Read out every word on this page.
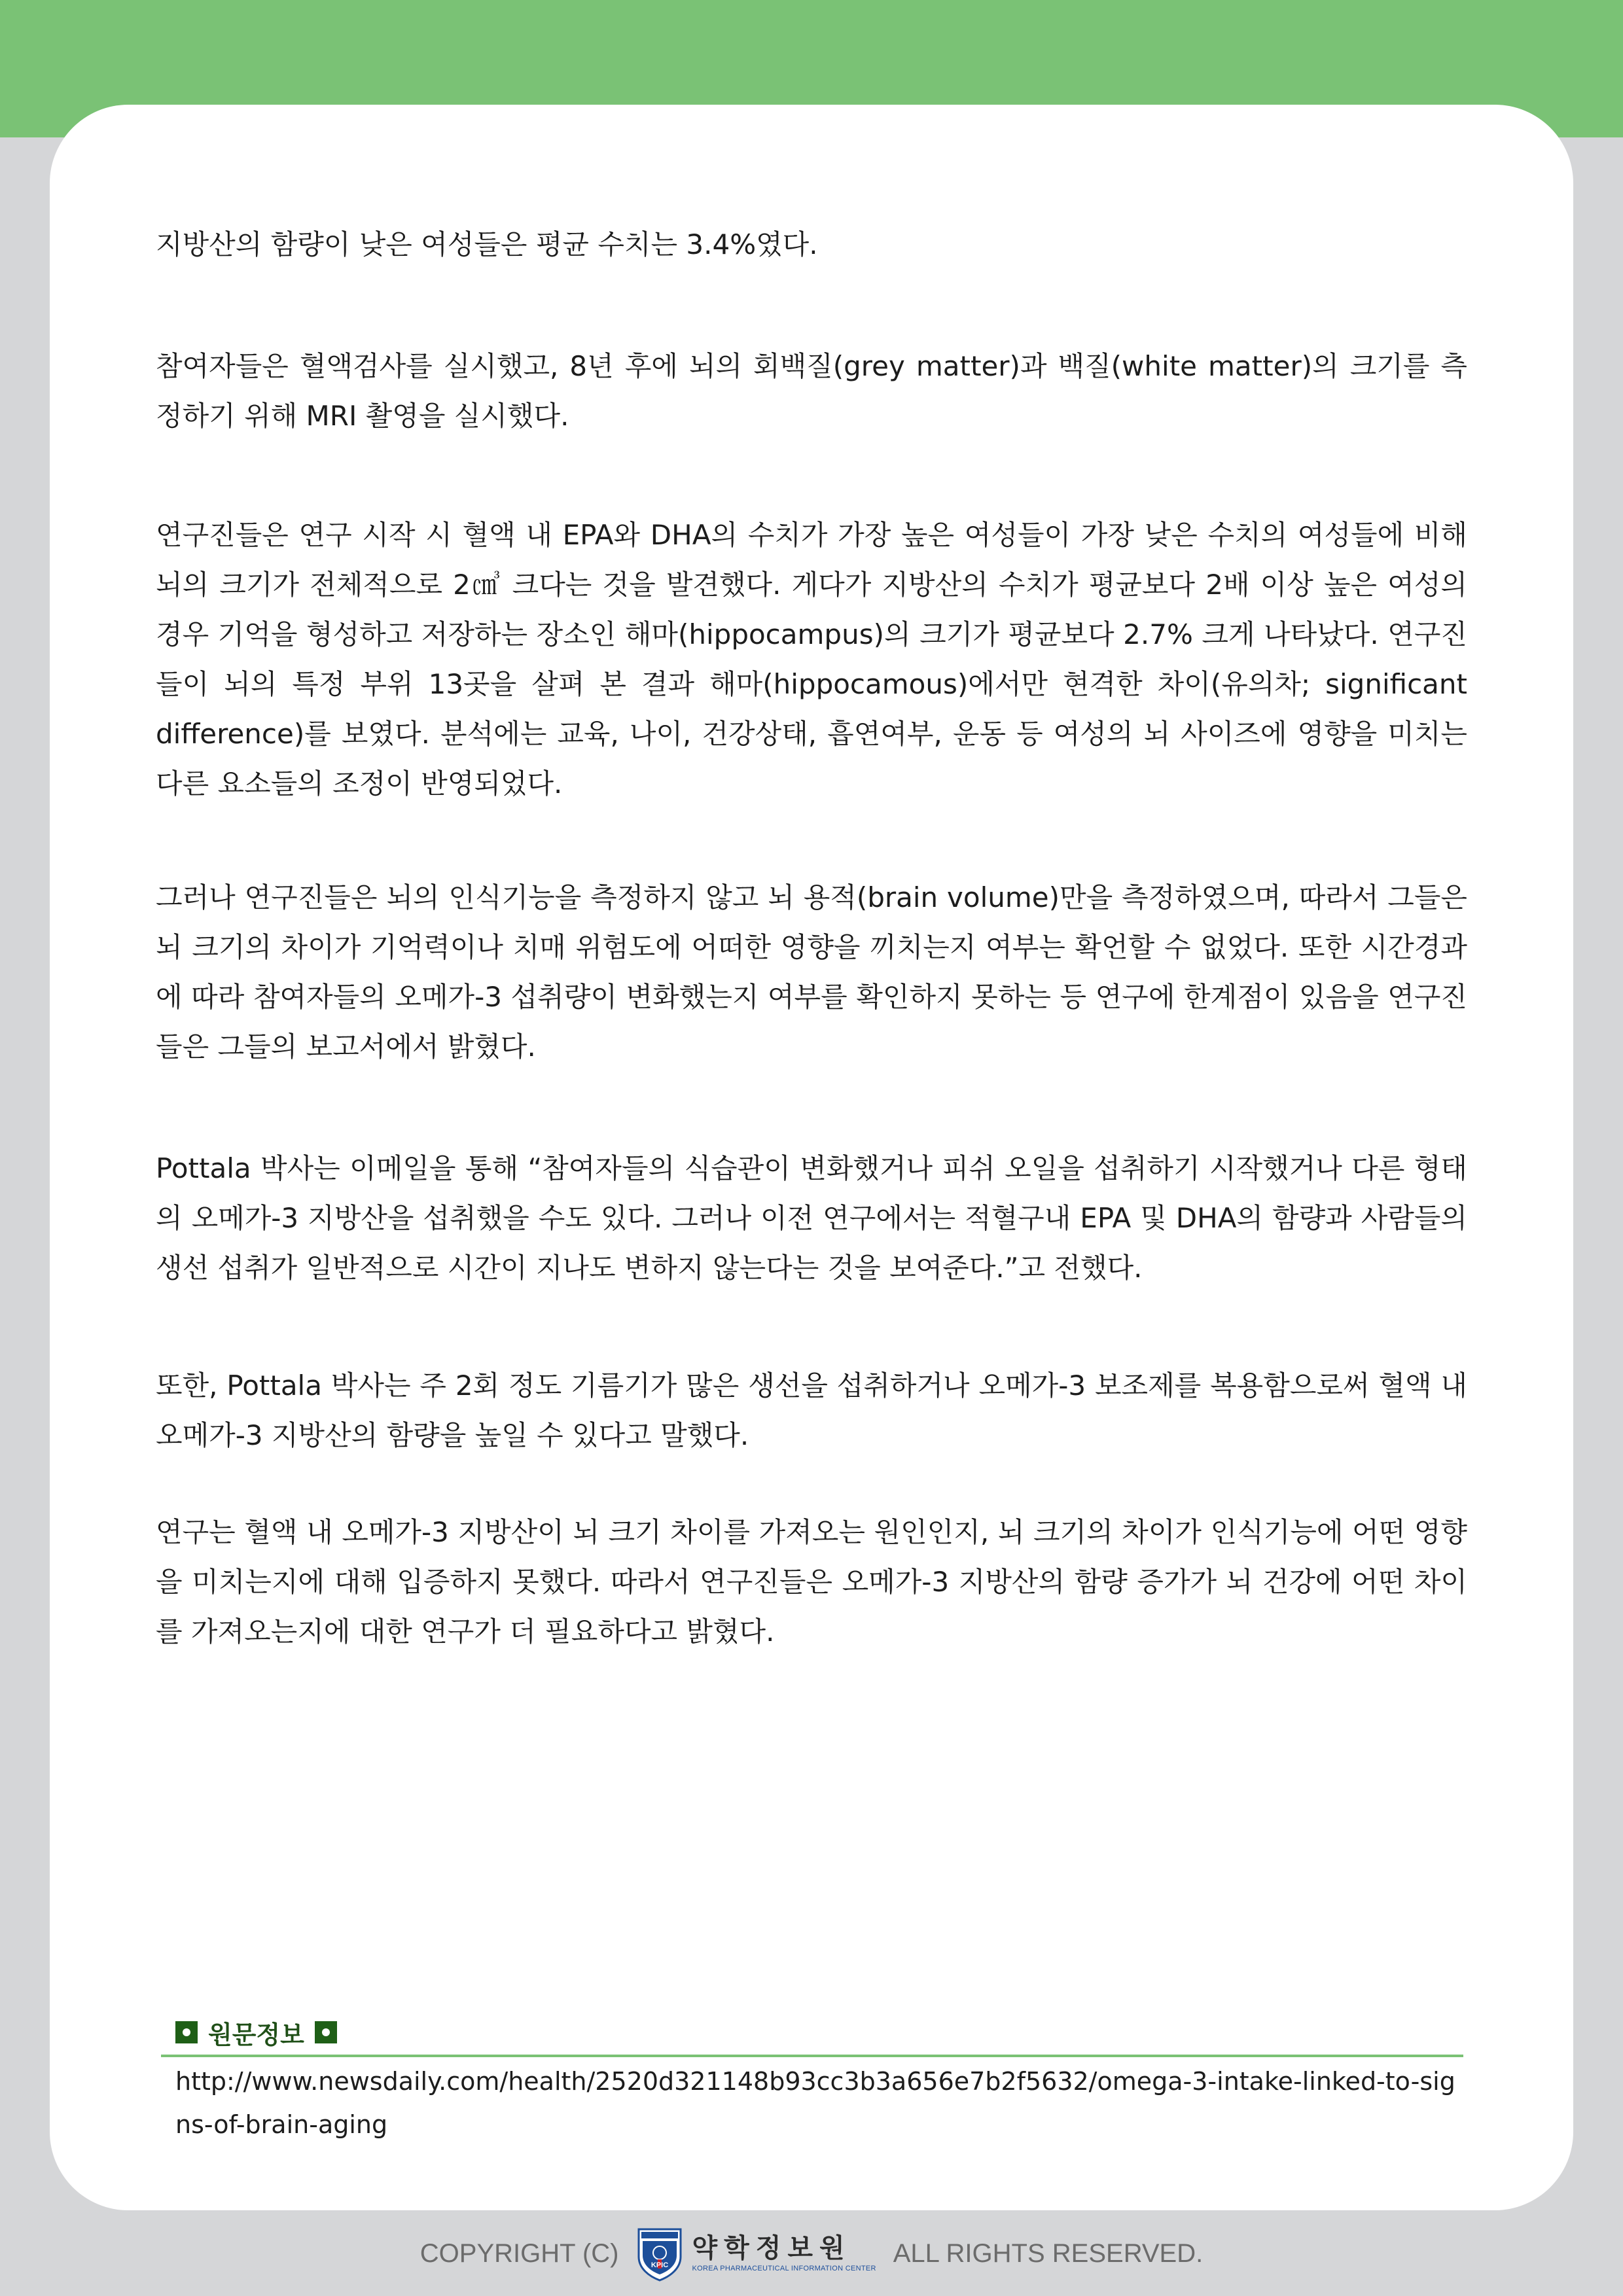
지방산의 함량이 낮은 여성들은 평균 수치는 3.4%였다.

참여자들은 혈액검사를 실시했고, 8년 후에 뇌의 회백질(grey matter)과 백질(white matter)의 크기를 측정하기 위해 MRI 촬영을 실시했다.

연구진들은 연구 시작 시 혈액 내 EPA와 DHA의 수치가 가장 높은 여성들이 가장 낮은 수치의 여성들에 비해 뇌의 크기가 전체적으로 2㎤ 크다는 것을 발견했다. 게다가 지방산의 수치가 평균보다 2배 이상 높은 여성의 경우 기억을 형성하고 저장하는 장소인 해마(hippocampus)의 크기가 평균보다 2.7% 크게 나타났다. 연구진들이 뇌의 특정 부위 13곳을 살펴 본 결과 해마(hippocamous)에서만 현격한 차이(유의차; significant difference)를 보였다. 분석에는 교육, 나이, 건강상태, 흡연여부, 운동 등 여성의 뇌 사이즈에 영향을 미치는 다른 요소들의 조정이 반영되었다.

그러나 연구진들은 뇌의 인식기능을 측정하지 않고 뇌 용적(brain volume)만을 측정하였으며, 따라서 그들은 뇌 크기의 차이가 기억력이나 치매 위험도에 어떠한 영향을 끼치는지 여부는 확언할 수 없었다. 또한 시간경과에 따라 참여자들의 오메가-3 섭취량이 변화했는지 여부를 확인하지 못하는 등 연구에 한계점이 있음을 연구진들은 그들의 보고서에서 밝혔다.

Pottala 박사는 이메일을 통해 “참여자들의 식습관이 변화했거나 피쉬 오일을 섭취하기 시작했거나 다른 형태의 오메가-3 지방산을 섭취했을 수도 있다. 그러나 이전 연구에서는 적혈구내 EPA 및 DHA의 함량과 사람들의 생선 섭취가 일반적으로 시간이 지나도 변하지 않는다는 것을 보여준다.”고 전했다.

또한, Pottala 박사는 주 2회 정도 기름기가 많은 생선을 섭취하거나 오메가-3 보조제를 복용함으로써 혈액 내 오메가-3 지방산의 함량을 높일 수 있다고 말했다.

연구는 혈액 내 오메가-3 지방산이 뇌 크기 차이를 가져오는 원인인지, 뇌 크기의 차이가 인식기능에 어떤 영향을 미치는지에 대해 입증하지 못했다. 따라서 연구진들은 오메가-3 지방산의 함량 증가가 뇌 건강에 어떤 차이를 가져오는지에 대한 연구가 더 필요하다고 밝혔다.

원문정보
http://www.newsdaily.com/health/2520d321148b93cc3b3a656e7b2f5632/omega-3-intake-linked-to-signs-of-brain-aging
COPYRIGHT (C)	KPIC
약학정보원
KOREA PHARMACEUTICAL INFORMATION CENTER
ALL RIGHTS RESERVED.
